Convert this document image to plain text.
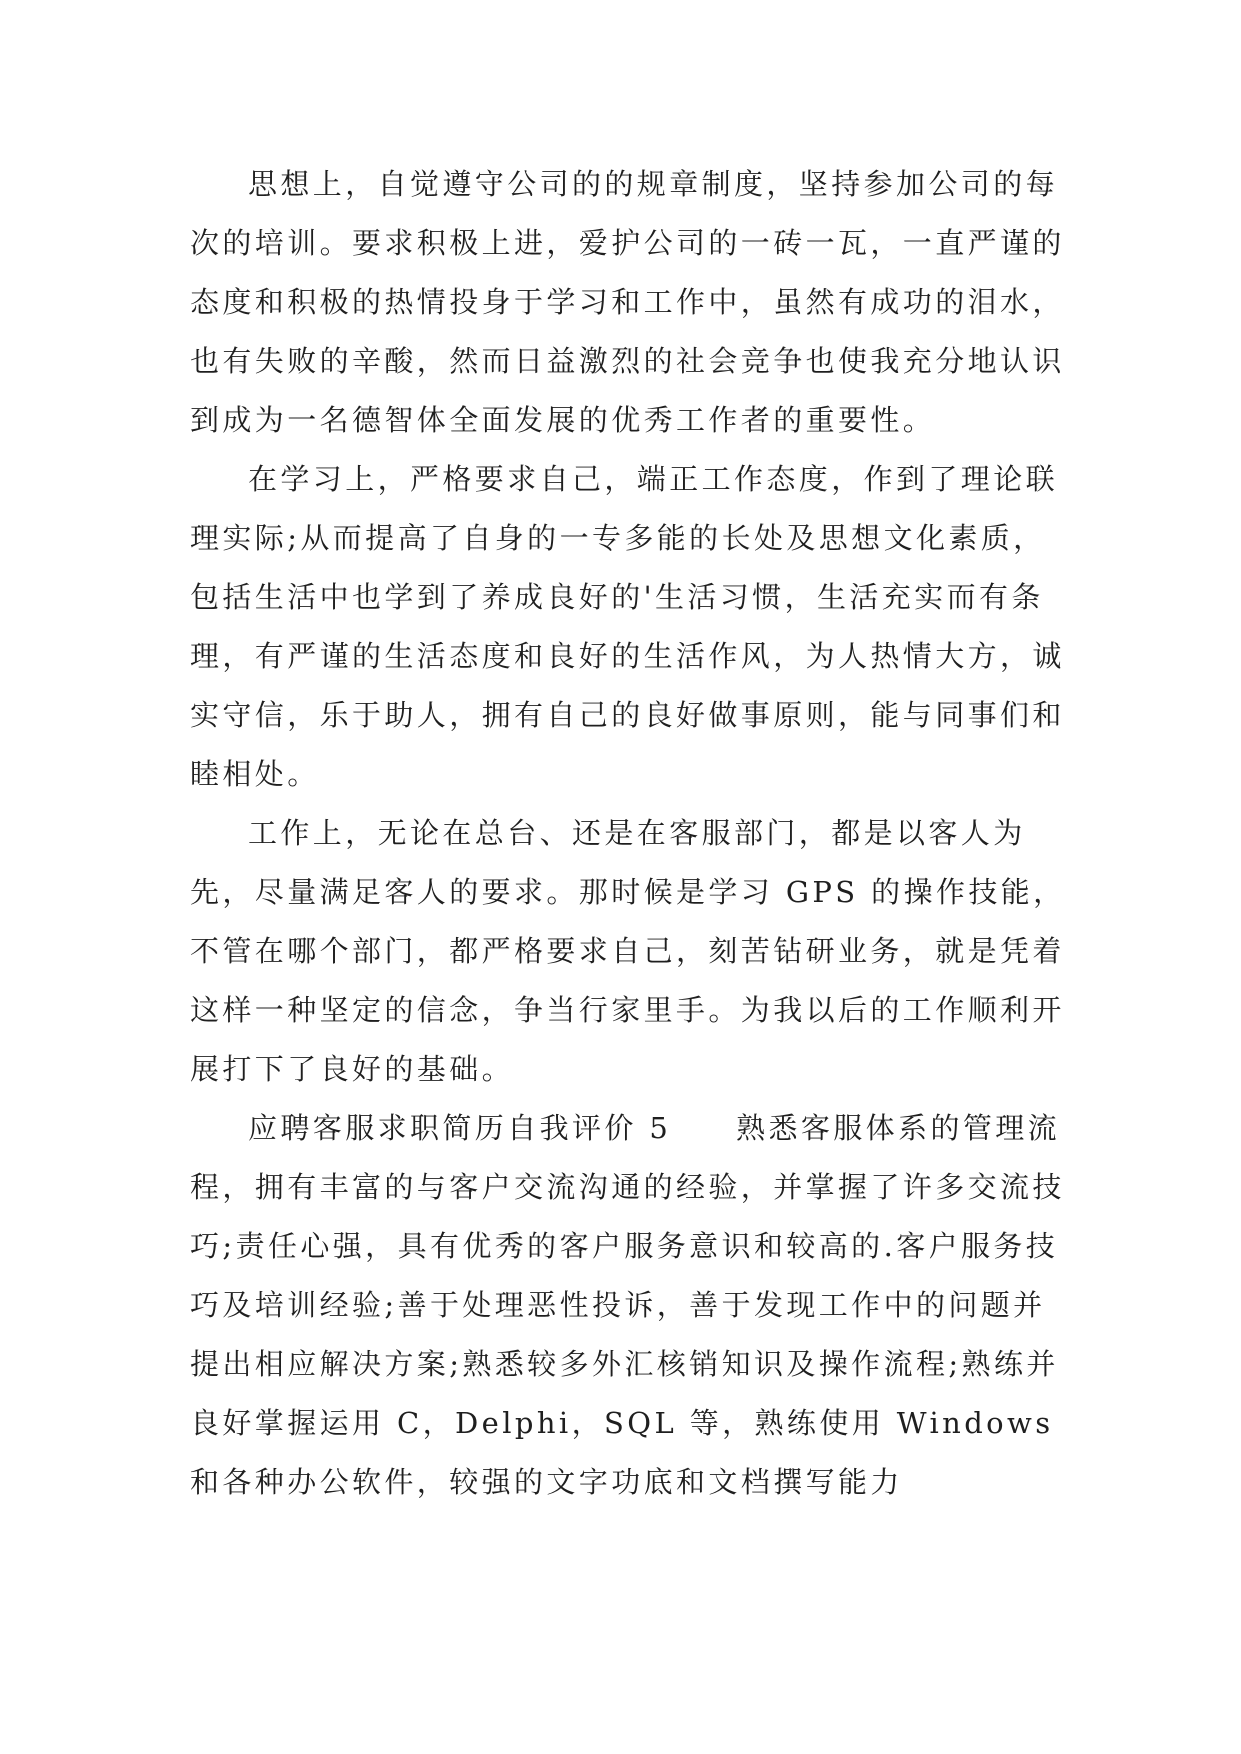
思想上，自觉遵守公司的的规章制度，坚持参加公司的每次的培训。要求积极上进，爱护公司的一砖一瓦，一直严谨的态度和积极的热情投身于学习和工作中，虽然有成功的泪水，也有失败的辛酸，然而日益激烈的社会竞争也使我充分地认识到成为一名德智体全面发展的优秀工作者的重要性。

在学习上，严格要求自己，端正工作态度，作到了理论联理实际;从而提高了自身的一专多能的长处及思想文化素质，包括生活中也学到了养成良好的'生活习惯，生活充实而有条理，有严谨的生活态度和良好的生活作风，为人热情大方，诚实守信，乐于助人，拥有自己的良好做事原则，能与同事们和睦相处。

工作上，无论在总台、还是在客服部门，都是以客人为先，尽量满足客人的要求。那时候是学习 GPS 的操作技能，不管在哪个部门，都严格要求自己，刻苦钻研业务，就是凭着这样一种坚定的信念，争当行家里手。为我以后的工作顺利开展打下了良好的基础。

应聘客服求职简历自我评价 5　　熟悉客服体系的管理流程，拥有丰富的与客户交流沟通的经验，并掌握了许多交流技巧;责任心强，具有优秀的客户服务意识和较高的.客户服务技巧及培训经验;善于处理恶性投诉，善于发现工作中的问题并提出相应解决方案;熟悉较多外汇核销知识及操作流程;熟练并良好掌握运用 C，Delphi，SQL 等，熟练使用 Windows 和各种办公软件，较强的文字功底和文档撰写能力
